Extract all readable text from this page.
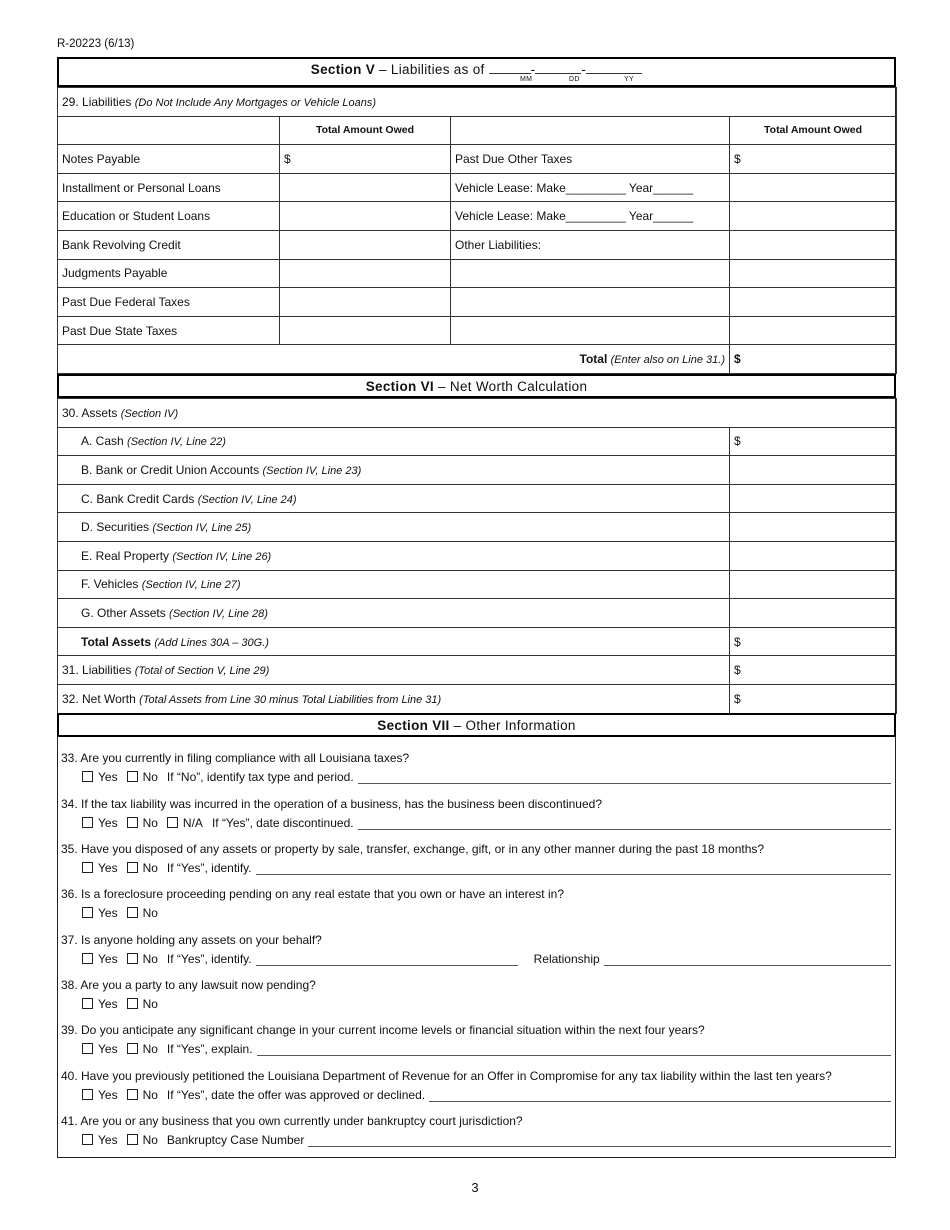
R-20223 (6/13)
Section V – Liabilities as of	-	-
MM	DD	YY
29. Liabilities (Do Not Include Any Mortgages or Vehicle Loans)			
	Total Amount Owed		Total Amount Owed
Notes Payable	$	Past Due Other Taxes	$
Installment or Personal Loans		Vehicle Lease: Make_________ Year______	
Education or Student Loans		Vehicle Lease: Make_________ Year______	
Bank Revolving Credit		Other Liabilities:	
Judgments Payable			
Past Due Federal Taxes			
Past Due State Taxes			
Total (Enter also on Line 31.)			$
Section VI – Net Worth Calculation
30. Assets (Section IV)	
A. Cash (Section IV, Line 22)	$
B. Bank or Credit Union Accounts (Section IV, Line 23)	
C. Bank Credit Cards (Section IV, Line 24)	
D. Securities (Section IV, Line 25)	
E. Real Property (Section IV, Line 26)	
F. Vehicles (Section IV, Line 27)	
G. Other Assets (Section IV, Line 28)	
Total Assets (Add Lines 30A – 30G.)	$
31. Liabilities (Total of Section V, Line 29)	$
32. Net Worth (Total Assets from Line 30 minus Total Liabilities from Line 31)	$
Section VII – Other Information
33. Are you currently in filing compliance with all Louisiana taxes?
Yes	No If “No”, identify tax type and period.
34. If the tax liability was incurred in the operation of a business, has the business been discontinued?
Yes	No	N/A If “Yes”, date discontinued.
35. Have you disposed of any assets or property by sale, transfer, exchange, gift, or in any other manner during the past 18 months?
Yes	No If “Yes”, identify.
36. Is a foreclosure proceeding pending on any real estate that you own or have an interest in?
Yes	No
37. Is anyone holding any assets on your behalf?
Yes	No If “Yes”, identify.	Relationship
38. Are you a party to any lawsuit now pending?
Yes	No
39. Do you anticipate any significant change in your current income levels or financial situation within the next four years?
Yes	No If “Yes”, explain.
40. Have you previously petitioned the Louisiana Department of Revenue for an Offer in Compromise for any tax liability within the last ten years?
Yes	No If “Yes”, date the offer was approved or declined.
41. Are you or any business that you own currently under bankruptcy court jurisdiction?
Yes	No Bankruptcy Case Number
3
